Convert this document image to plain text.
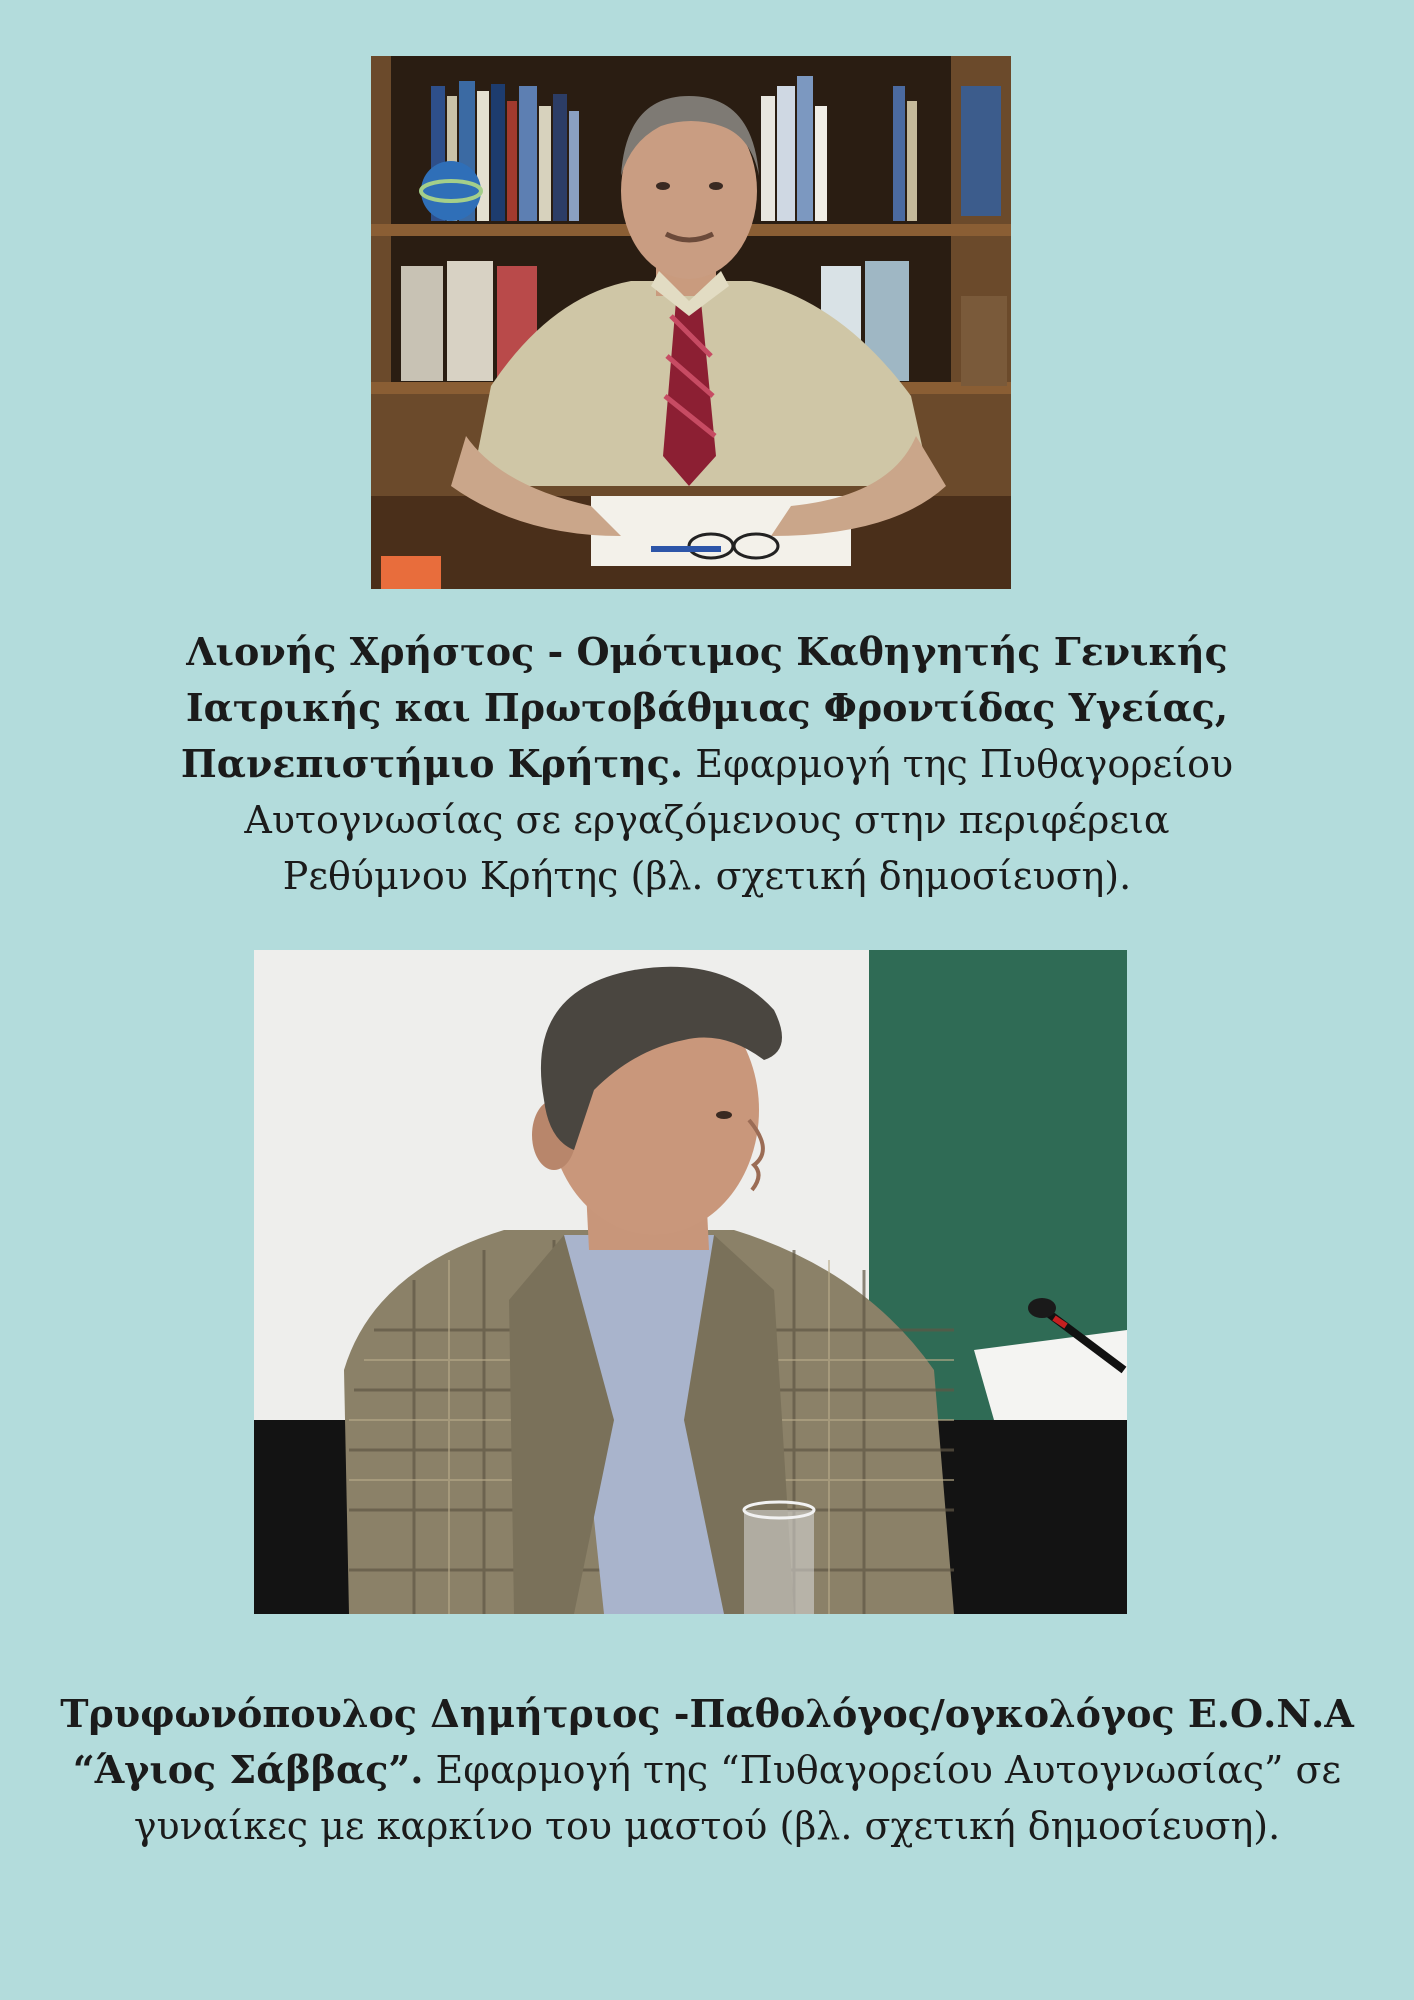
Λιονής Χρήστος - Ομότιμος Καθηγητής Γενικής
Ιατρικής και Πρωτοβάθμιας Φροντίδας Υγείας,
Πανεπιστήμιο Κρήτης. Εφαρμογή της Πυθαγορείου
Αυτογνωσίας σε εργαζόμενους στην περιφέρεια
Ρεθύμνου Κρήτης (βλ. σχετική δημοσίευση).

Τρυφωνόπουλος Δημήτριος -Παθολόγος/ογκολόγος Ε.Ο.Ν.Α
“Άγιος Σάββας”. Εφαρμογή της “Πυθαγορείου Αυτογνωσίας” σε
γυναίκες με καρκίνο του μαστού (βλ. σχετική δημοσίευση).
